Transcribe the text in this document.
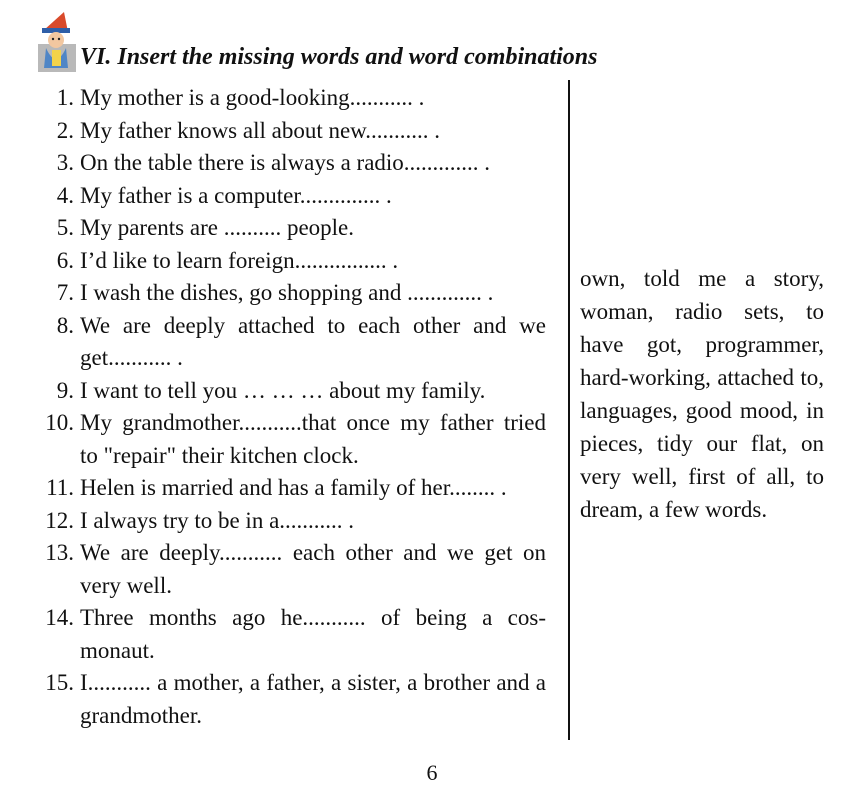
VI. Insert the missing words and word combinations
1. My mother is a good-looking........... .
2. My father knows all about new........... .
3. On the table there is always a radio............. .
4. My father is a computer.............. .
5. My parents are .......... people.
6. I’d like to learn foreign................ .
7. I wash the dishes, go shopping and ............. .
8. We are deeply attached to each other and we get........... .
9. I want to tell you … … … about my family.
10. My grandmother...........that once my father tried to "repair" their kitchen clock.
11. Helen is married and has a family of her........ .
12. I always try to be in a........... .
13. We are deeply........... each other and we get on very well.
14. Three months ago he........... of being a cos-monaut.
15. I........... a mother, a father, a sister, a brother and a grandmother.

own, told me a story, woman, radio sets, to have got, programmer, hard-working, attached to, languages, good mood, in pieces, tidy our flat, on very well, first of all, to dream, a few words.

6
